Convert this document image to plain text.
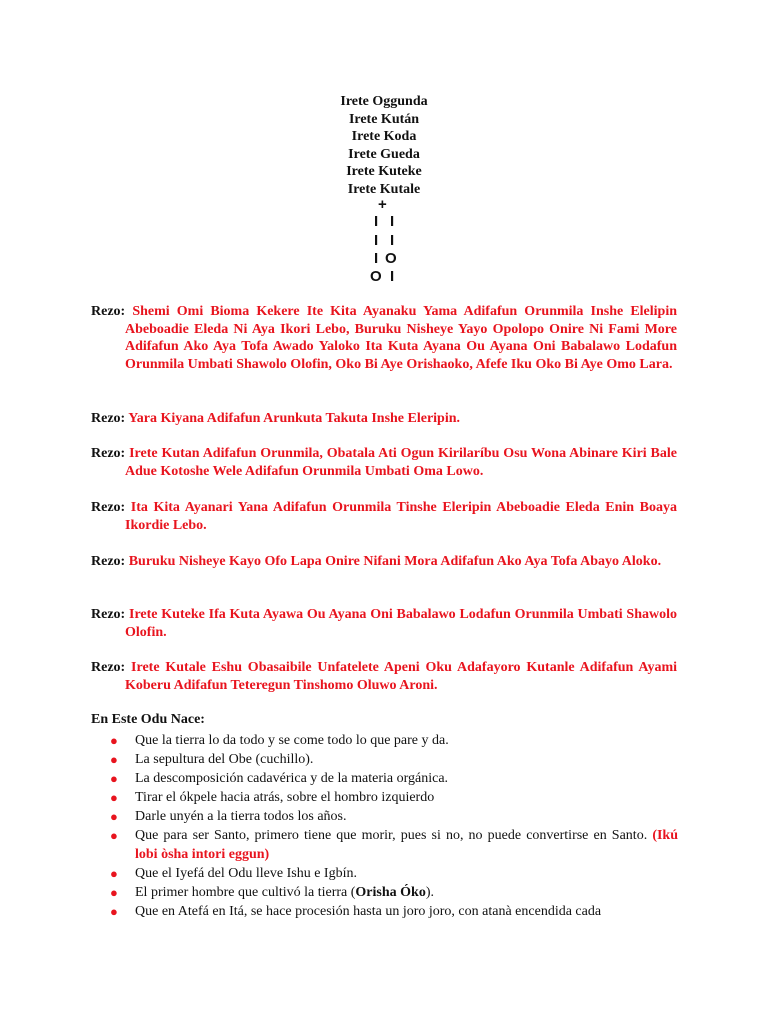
Irete Oggunda
Irete Kután
Irete Koda
Irete Gueda
Irete Kuteke
Irete Kutale
+
I I
I I
I O
O I
Rezo: Shemi Omi Bioma Kekere Ite Kita Ayanaku Yama Adifafun Orunmila Inshe Elelipin Abeboadie Eleda Ni Aya Ikori Lebo, Buruku Nisheye Yayo Opolopo Onire Ni Fami More Adifafun Ako Aya Tofa Awado Yaloko Ita Kuta Ayana Ou Ayana Oni Babalawo Lodafun Orunmila Umbati Shawolo Olofin, Oko Bi Aye Orishaoko, Afefe Iku Oko Bi Aye Omo Lara.
Rezo: Yara Kiyana Adifafun Arunkuta Takuta Inshe Eleripin.
Rezo: Irete Kutan Adifafun Orunmila, Obatala Ati Ogun Kirilaríbu Osu Wona Abinare Kiri Bale Adue Kotoshe Wele Adifafun Orunmila Umbati Oma Lowo.
Rezo: Ita Kita Ayanari Yana Adifafun Orunmila Tinshe Eleripin Abeboadie Eleda Enin Boaya Ikordie Lebo.
Rezo: Buruku Nisheye Kayo Ofo Lapa Onire Nifani Mora Adifafun Ako Aya Tofa Abayo Aloko.
Rezo: Irete Kuteke Ifa Kuta Ayawa Ou Ayana Oni Babalawo Lodafun Orunmila Umbati Shawolo Olofin.
Rezo: Irete Kutale Eshu Obasaibile Unfatelete Apeni Oku Adafayoro Kutanle Adifafun Ayami Koberu Adifafun Teteregun Tinshomo Oluwo Aroni.
En Este Odu Nace:
● Que la tierra lo da todo y se come todo lo que pare y da.
● La sepultura del Obe (cuchillo).
● La descomposición cadavérica y de la materia orgánica.
● Tirar el ókpele hacia atrás, sobre el hombro izquierdo
● Darle unyén a la tierra todos los años.
● Que para ser Santo, primero tiene que morir, pues si no, no puede convertirse en Santo. (Ikú lobi òsha intori eggun)
● Que el Iyefá del Odu lleve Ishu e Igbín.
● El primer hombre que cultivó la tierra (Orisha Óko).
● Que en Atefá en Itá, se hace procesión hasta un joro joro, con atanà encendida cada
